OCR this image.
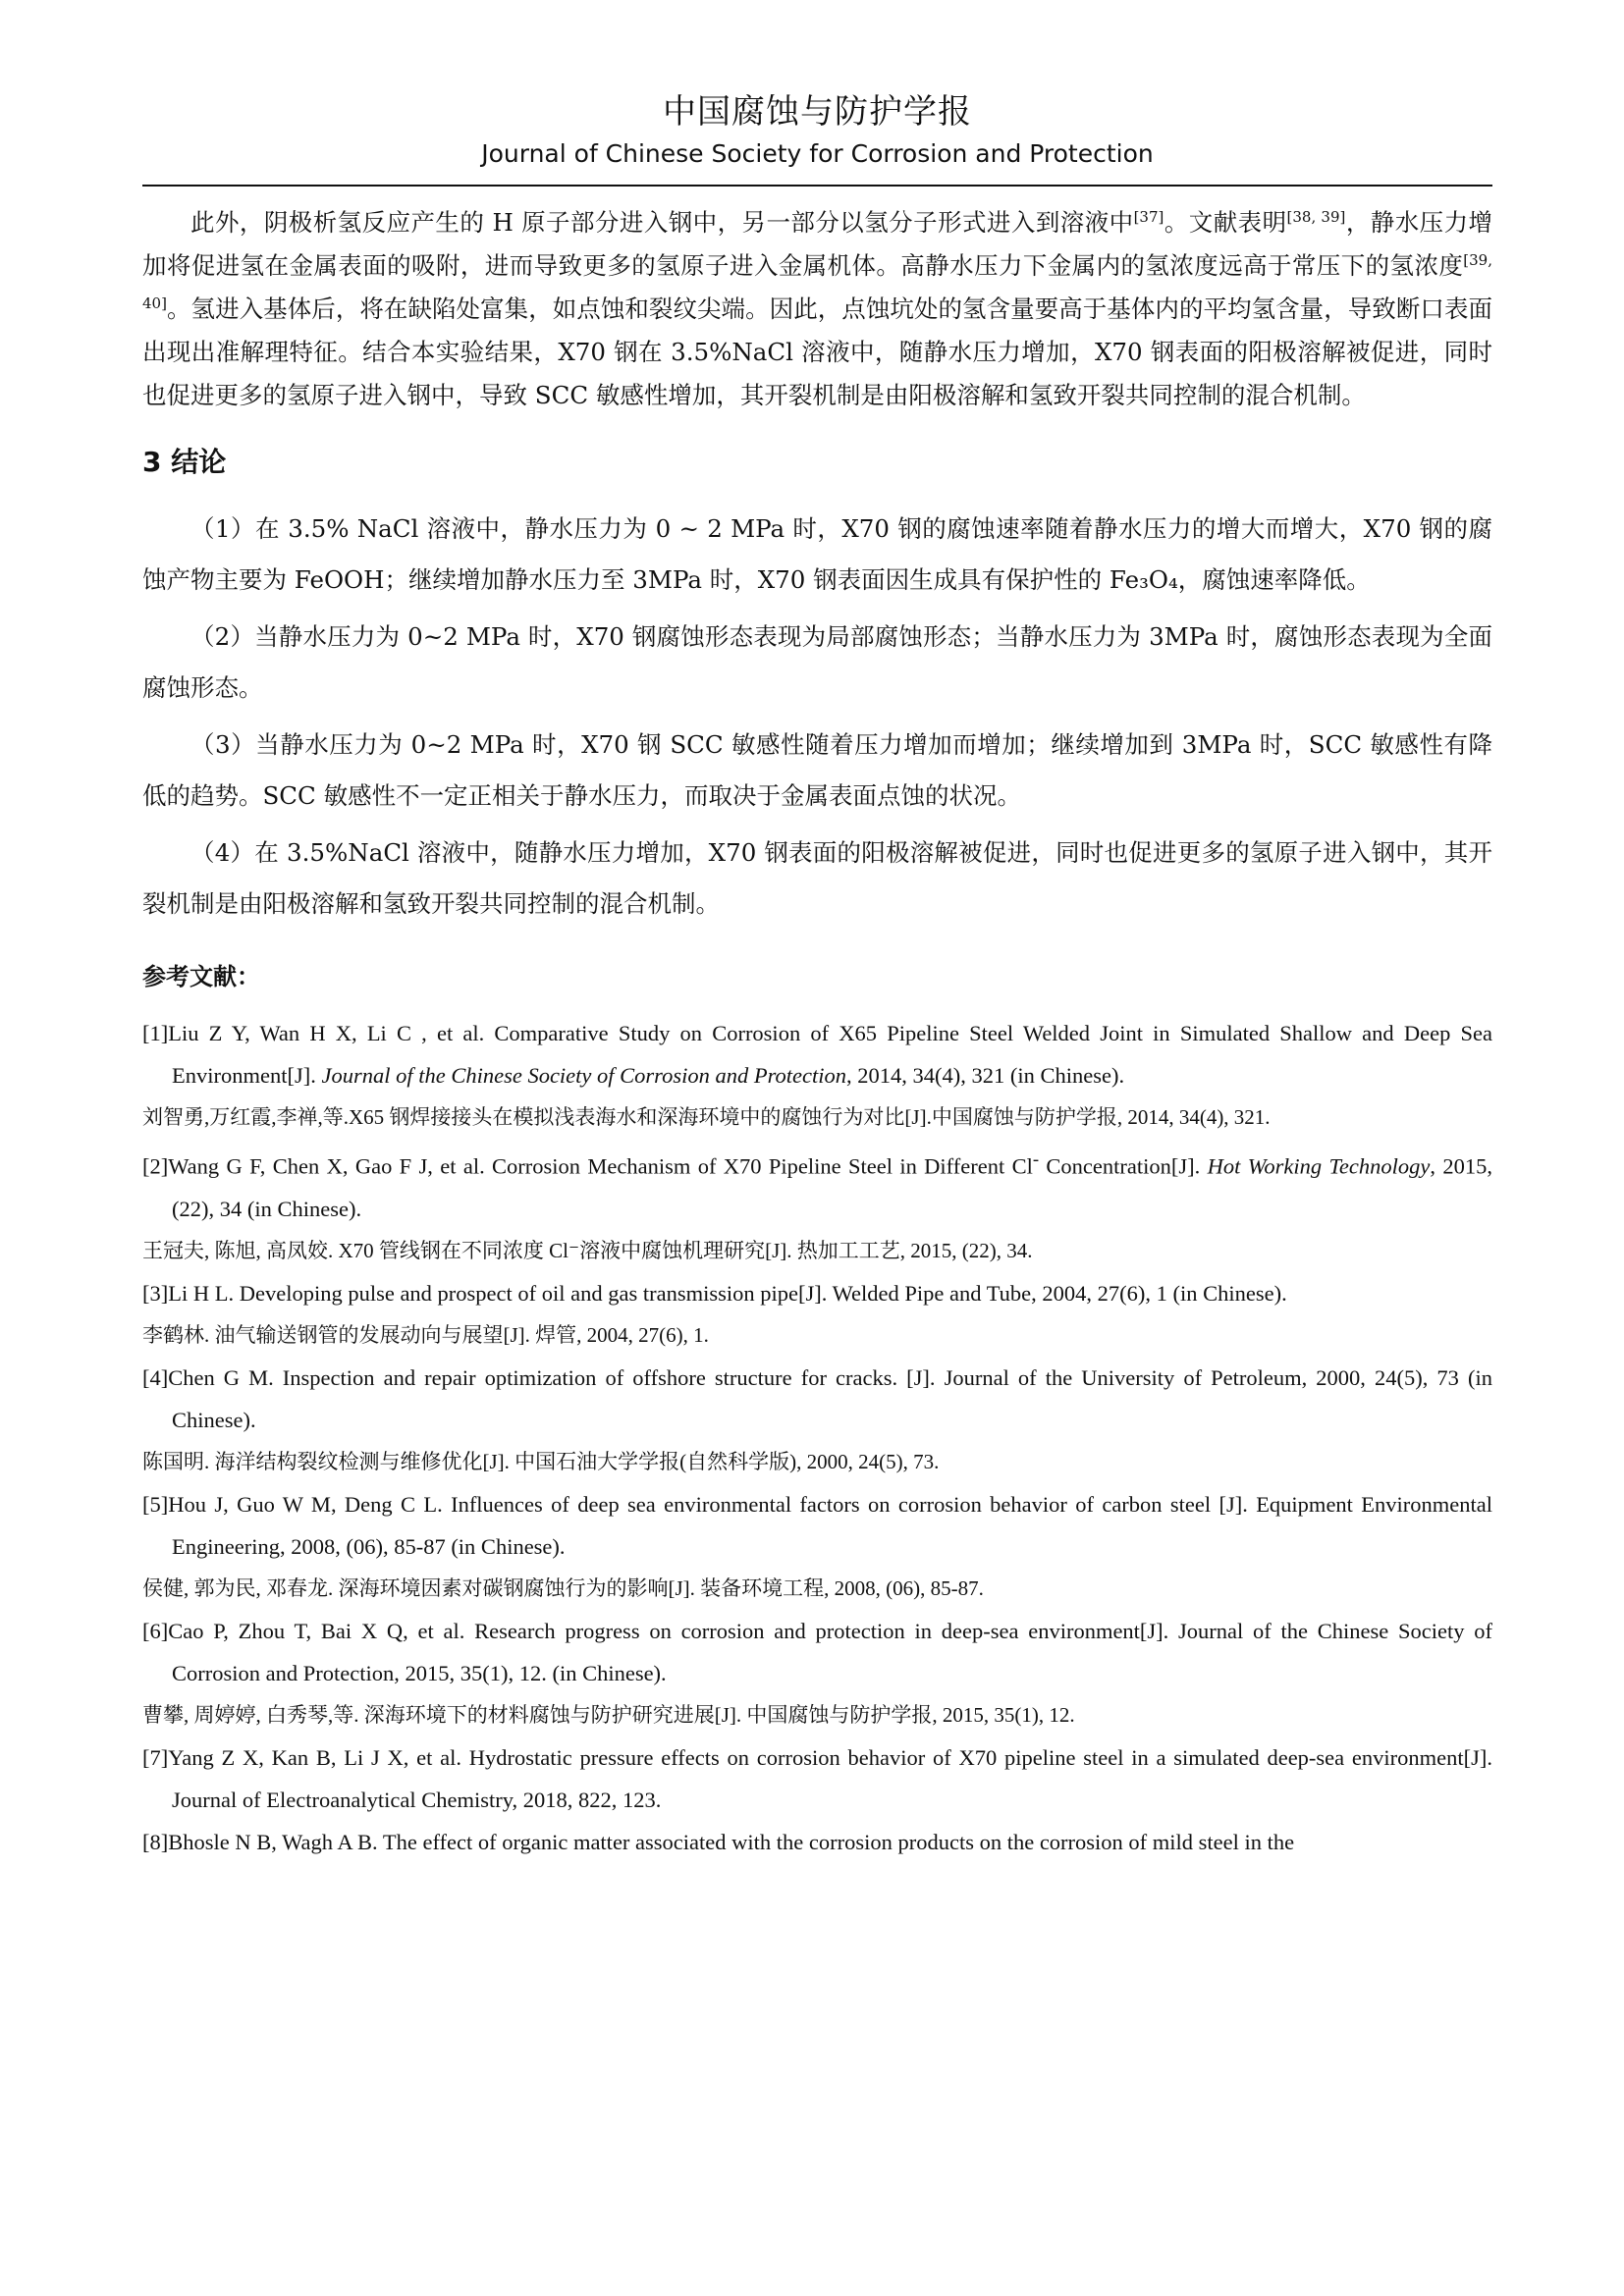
中国腐蚀与防护学报
Journal of Chinese Society for Corrosion and Protection

此外，阴极析氢反应产生的 H 原子部分进入钢中，另一部分以氢分子形式进入到溶液中[37]。文献表明[38, 39]，静水压力增加将促进氢在金属表面的吸附，进而导致更多的氢原子进入金属机体。高静水压力下金属内的氢浓度远高于常压下的氢浓度[39, 40]。氢进入基体后，将在缺陷处富集，如点蚀和裂纹尖端。因此，点蚀坑处的氢含量要高于基体内的平均氢含量，导致断口表面出现出准解理特征。结合本实验结果，X70 钢在 3.5%NaCl 溶液中，随静水压力增加，X70 钢表面的阳极溶解被促进，同时也促进更多的氢原子进入钢中，导致 SCC 敏感性增加，其开裂机制是由阳极溶解和氢致开裂共同控制的混合机制。

3 结论

（1）在 3.5% NaCl 溶液中，静水压力为 0 ~ 2 MPa 时，X70 钢的腐蚀速率随着静水压力的增大而增大，X70 钢的腐蚀产物主要为 FeOOH；继续增加静水压力至 3MPa 时，X70 钢表面因生成具有保护性的 Fe₃O₄，腐蚀速率降低。

（2）当静水压力为 0~2 MPa 时，X70 钢腐蚀形态表现为局部腐蚀形态；当静水压力为 3MPa 时，腐蚀形态表现为全面腐蚀形态。

（3）当静水压力为 0~2 MPa 时，X70 钢 SCC 敏感性随着压力增加而增加；继续增加到 3MPa 时，SCC 敏感性有降低的趋势。SCC 敏感性不一定正相关于静水压力，而取决于金属表面点蚀的状况。

（4）在 3.5%NaCl 溶液中，随静水压力增加，X70 钢表面的阳极溶解被促进，同时也促进更多的氢原子进入钢中，其开裂机制是由阳极溶解和氢致开裂共同控制的混合机制。

参考文献：

[1]Liu Z Y, Wan H X, Li C , et al. Comparative Study on Corrosion of X65 Pipeline Steel Welded Joint in Simulated Shallow and Deep Sea Environment[J]. Journal of the Chinese Society of Corrosion and Protection, 2014, 34(4), 321 (in Chinese).

刘智勇,万红霞,李禅,等.X65 钢焊接接头在模拟浅表海水和深海环境中的腐蚀行为对比[J].中国腐蚀与防护学报, 2014, 34(4), 321.

[2]Wang G F, Chen X, Gao F J, et al. Corrosion Mechanism of X70 Pipeline Steel in Different Cl- Concentration[J]. Hot Working Technology, 2015, (22), 34 (in Chinese).

王冠夫, 陈旭, 高凤姣. X70 管线钢在不同浓度 Cl⁻溶液中腐蚀机理研究[J]. 热加工工艺, 2015, (22), 34.

[3]Li H L. Developing pulse and prospect of oil and gas transmission pipe[J]. Welded Pipe and Tube, 2004, 27(6), 1 (in Chinese).

李鹤林. 油气输送钢管的发展动向与展望[J]. 焊管, 2004, 27(6), 1.

[4]Chen G M. Inspection and repair optimization of offshore structure for cracks. [J]. Journal of the University of Petroleum, 2000, 24(5), 73 (in Chinese).

陈国明. 海洋结构裂纹检测与维修优化[J]. 中国石油大学学报(自然科学版), 2000, 24(5), 73.

[5]Hou J, Guo W M, Deng C L. Influences of deep sea environmental factors on corrosion behavior of carbon steel [J]. Equipment Environmental Engineering, 2008, (06), 85-87 (in Chinese).

侯健, 郭为民, 邓春龙. 深海环境因素对碳钢腐蚀行为的影响[J]. 装备环境工程, 2008, (06), 85-87.

[6]Cao P, Zhou T, Bai X Q, et al. Research progress on corrosion and protection in deep-sea environment[J]. Journal of the Chinese Society of Corrosion and Protection, 2015, 35(1), 12. (in Chinese).

曹攀, 周婷婷, 白秀琴,等. 深海环境下的材料腐蚀与防护研究进展[J]. 中国腐蚀与防护学报, 2015, 35(1), 12.

[7]Yang Z X, Kan B, Li J X, et al. Hydrostatic pressure effects on corrosion behavior of X70 pipeline steel in a simulated deep-sea environment[J]. Journal of Electroanalytical Chemistry, 2018, 822, 123.

[8]Bhosle N B, Wagh A B. The effect of organic matter associated with the corrosion products on the corrosion of mild steel in the
